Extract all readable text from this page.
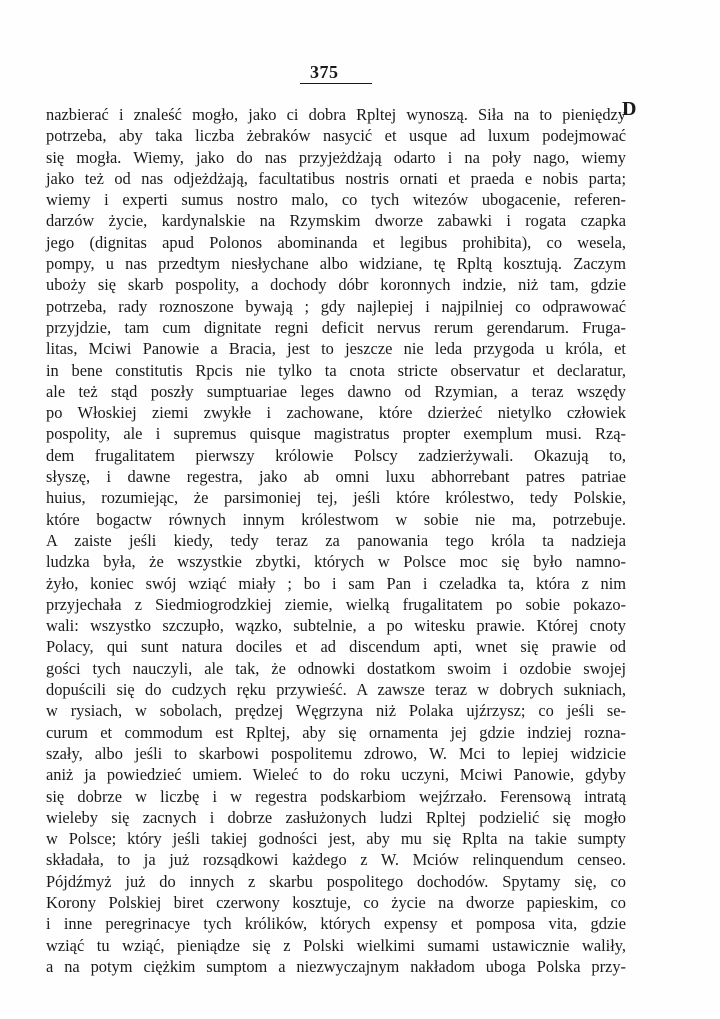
375
D
nazbierać i znaleść mogło, jako ci dobra Rpltej wynoszą. Siła na to pieniędzy
potrzeba, aby taka liczba żebraków nasycić et usque ad luxum podejmować
się mogła. Wiemy, jako do nas przyjeżdżają odarto i na poły nago, wiemy
jako też od nas odjeżdżają, facultatibus nostris ornati et praeda e nobis parta;
wiemy i experti sumus nostro malo, co tych witezów ubogacenie, referen-
darzów życie, kardynalskie na Rzymskim dworze zabawki i rogata czapka
jego (dignitas apud Polonos abominanda et legibus prohibita), co wesela,
pompy, u nas przedtym niesłychane albo widziane, tę Rpltą kosztują. Zaczym
uboży się skarb pospolity, a dochody dóbr koronnych indzie, niż tam, gdzie
potrzeba, rady roznoszone bywają ; gdy najlepiej i najpilniej co odprawować
przyjdzie, tam cum dignitate regni deficit nervus rerum gerendarum. Fruga-
litas, Mciwi Panowie a Bracia, jest to jeszcze nie leda przygoda u króla, et
in bene constitutis Rpcis nie tylko ta cnota stricte observatur et declaratur,
ale też stąd poszły sumptuariae leges dawno od Rzymian, a teraz wszędy
po Włoskiej ziemi zwykłe i zachowane, które dzierżeć nietylko człowiek
pospolity, ale i supremus quisque magistratus propter exemplum musi. Rzą-
dem frugalitatem pierwszy królowie Polscy zadzierżywali. Okazują to,
słyszę, i dawne regestra, jako ab omni luxu abhorrebant patres patriae
huius, rozumiejąc, że parsimoniej tej, jeśli które królestwo, tedy Polskie,
które bogactw równych innym królestwom w sobie nie ma, potrzebuje.
A zaiste jeśli kiedy, tedy teraz za panowania tego króla ta nadzieja
ludzka była, że wszystkie zbytki, których w Polsce moc się było namno-
żyło, koniec swój wziąć miały ; bo i sam Pan i czeladka ta, która z nim
przyjechała z Siedmiogrodzkiej ziemie, wielką frugalitatem po sobie pokazo-
wali: wszystko szczupło, wązko, subtelnie, a po witesku prawie. Której cnoty
Polacy, qui sunt natura dociles et ad discendum apti, wnet się prawie od
gości tych nauczyli, ale tak, że odnowki dostatkom swoim i ozdobie swojej
dopuścili się do cudzych ręku przywieść. A zawsze teraz w dobrych sukniach,
w rysiach, w sobolach, prędzej Węgrzyna niż Polaka ujźrzysz; co jeśli se-
curum et commodum est Rpltej, aby się ornamenta jej gdzie indziej rozna-
szały, albo jeśli to skarbowi pospolitemu zdrowo, W. Mci to lepiej widzicie
aniż ja powiedzieć umiem. Wieleć to do roku uczyni, Mciwi Panowie, gdyby
się dobrze w liczbę i w regestra podskarbiom wejźrzało. Ferensową intratą
wieleby się zacnych i dobrze zasłużonych ludzi Rpltej podzielić się mogło
w Polsce; który jeśli takiej godności jest, aby mu się Rplta na takie sumpty
składała, to ja już rozsądkowi każdego z W. Mciów relinquendum censeo.
Pójdźmyż już do innych z skarbu pospolitego dochodów. Spytamy się, co
Korony Polskiej biret czerwony kosztuje, co życie na dworze papieskim, co
i inne peregrinacye tych królików, których expensy et pomposa vita, gdzie
wziąć tu wziąć, pieniądze się z Polski wielkimi sumami ustawicznie waliły,
a na potym ciężkim sumptom a niezwyczajnym nakładom uboga Polska przy-
